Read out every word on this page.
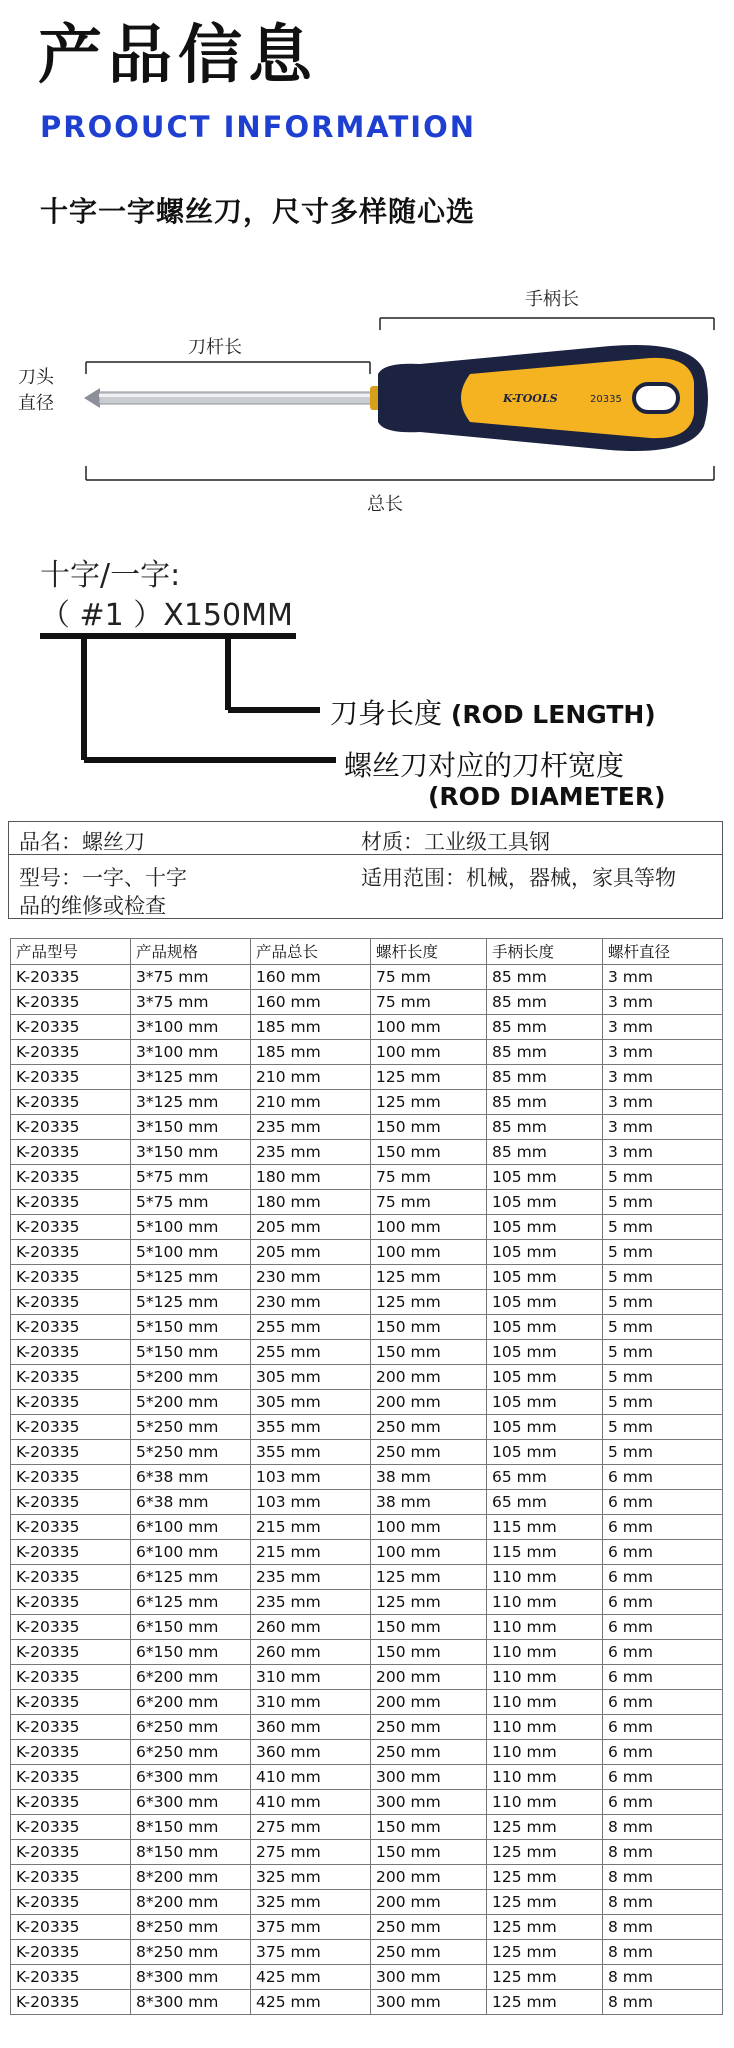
产品信息
PROOUCT INFORMATION
十字一字螺丝刀，尺寸多样随心选
手柄长
刀杆长
刀头
直径	K-TOOLS	20335
总长
十字/一字:
（ #1 ）X150MM
刀身长度 (ROD LENGTH)
螺丝刀对应的刀杆宽度
(ROD DIAMETER)
品名：螺丝刀	材质：工业级工具钢
型号：一字、十字	适用范围：机械，器械，家具等物
品的维修或检查
产品型号	产品规格	产品总长	螺杆长度	手柄长度	螺杆直径
K-20335	3*75 mm	160 mm	75 mm	85 mm	3 mm
K-20335	3*75 mm	160 mm	75 mm	85 mm	3 mm
K-20335	3*100 mm	185 mm	100 mm	85 mm	3 mm
K-20335	3*100 mm	185 mm	100 mm	85 mm	3 mm
K-20335	3*125 mm	210 mm	125 mm	85 mm	3 mm
K-20335	3*125 mm	210 mm	125 mm	85 mm	3 mm
K-20335	3*150 mm	235 mm	150 mm	85 mm	3 mm
K-20335	3*150 mm	235 mm	150 mm	85 mm	3 mm
K-20335	5*75 mm	180 mm	75 mm	105 mm	5 mm
K-20335	5*75 mm	180 mm	75 mm	105 mm	5 mm
K-20335	5*100 mm	205 mm	100 mm	105 mm	5 mm
K-20335	5*100 mm	205 mm	100 mm	105 mm	5 mm
K-20335	5*125 mm	230 mm	125 mm	105 mm	5 mm
K-20335	5*125 mm	230 mm	125 mm	105 mm	5 mm
K-20335	5*150 mm	255 mm	150 mm	105 mm	5 mm
K-20335	5*150 mm	255 mm	150 mm	105 mm	5 mm
K-20335	5*200 mm	305 mm	200 mm	105 mm	5 mm
K-20335	5*200 mm	305 mm	200 mm	105 mm	5 mm
K-20335	5*250 mm	355 mm	250 mm	105 mm	5 mm
K-20335	5*250 mm	355 mm	250 mm	105 mm	5 mm
K-20335	6*38 mm	103 mm	38 mm	65 mm	6 mm
K-20335	6*38 mm	103 mm	38 mm	65 mm	6 mm
K-20335	6*100 mm	215 mm	100 mm	115 mm	6 mm
K-20335	6*100 mm	215 mm	100 mm	115 mm	6 mm
K-20335	6*125 mm	235 mm	125 mm	110 mm	6 mm
K-20335	6*125 mm	235 mm	125 mm	110 mm	6 mm
K-20335	6*150 mm	260 mm	150 mm	110 mm	6 mm
K-20335	6*150 mm	260 mm	150 mm	110 mm	6 mm
K-20335	6*200 mm	310 mm	200 mm	110 mm	6 mm
K-20335	6*200 mm	310 mm	200 mm	110 mm	6 mm
K-20335	6*250 mm	360 mm	250 mm	110 mm	6 mm
K-20335	6*250 mm	360 mm	250 mm	110 mm	6 mm
K-20335	6*300 mm	410 mm	300 mm	110 mm	6 mm
K-20335	6*300 mm	410 mm	300 mm	110 mm	6 mm
K-20335	8*150 mm	275 mm	150 mm	125 mm	8 mm
K-20335	8*150 mm	275 mm	150 mm	125 mm	8 mm
K-20335	8*200 mm	325 mm	200 mm	125 mm	8 mm
K-20335	8*200 mm	325 mm	200 mm	125 mm	8 mm
K-20335	8*250 mm	375 mm	250 mm	125 mm	8 mm
K-20335	8*250 mm	375 mm	250 mm	125 mm	8 mm
K-20335	8*300 mm	425 mm	300 mm	125 mm	8 mm
K-20335	8*300 mm	425 mm	300 mm	125 mm	8 mm
